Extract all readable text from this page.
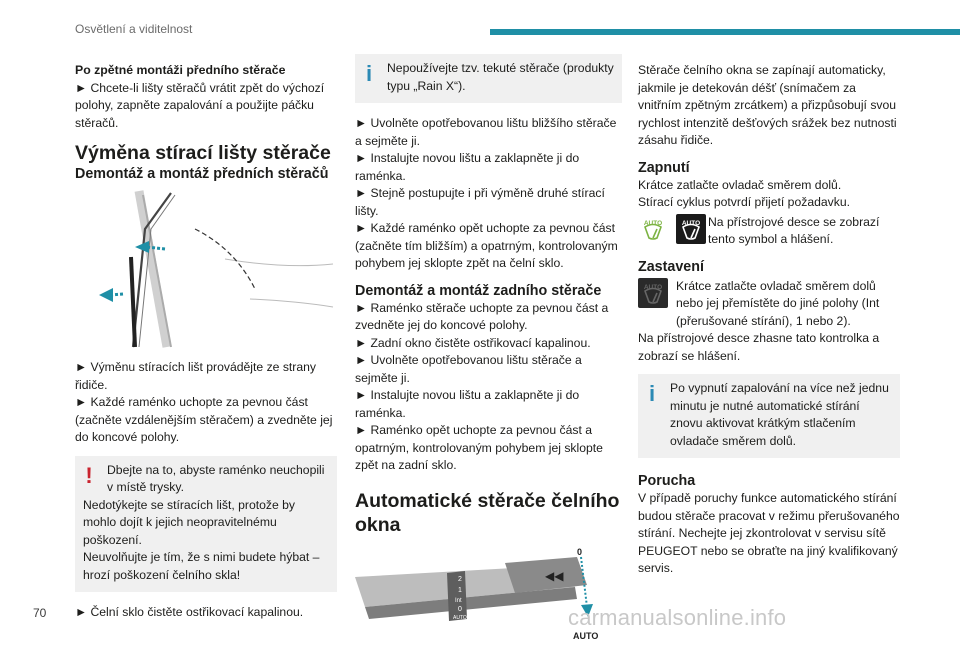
Osvětlení a viditelnost

Po zpětné montáži předního stěrače

► Chcete-li lišty stěračů vrátit zpět do výchozí polohy, zapněte zapalování a použijte páčku stěračů.

Výměna stírací lišty stěrače

Demontáž a montáž předních stěračů

► Výměnu stíracích lišt provádějte ze strany řidiče.

► Každé raménko uchopte za pevnou část (začněte vzdálenějším stěračem) a zvedněte jej do koncové polohy.

! Dbejte na to, abyste raménko neuchopili v místě trysky.

Nedotýkejte se stíracích lišt, protože by mohlo dojít k jejich neopravitelnému poškození.

Neuvolňujte je tím, že s nimi budete hýbat – hrozí poškození čelního skla!

► Čelní sklo čistěte ostřikovací kapalinou.

i Nepoužívejte tzv. tekuté stěrače (produkty typu „Rain X“).

► Uvolněte opotřebovanou lištu bližšího stěrače a sejměte ji.

► Instalujte novou lištu a zaklapněte ji do raménka.

► Stejně postupujte i při výměně druhé stírací lišty.

► Každé raménko opět uchopte za pevnou část (začněte tím bližším) a opatrným, kontrolovaným pohybem jej sklopte zpět na čelní sklo.

Demontáž a montáž zadního stěrače

► Raménko stěrače uchopte za pevnou část a zvedněte jej do koncové polohy.

► Zadní okno čistěte ostřikovací kapalinou.

► Uvolněte opotřebovanou lištu stěrače a sejměte ji.

► Instalujte novou lištu a zaklapněte ji do raménka.

► Raménko opět uchopte za pevnou část a opatrným, kontrolovaným pohybem jej sklopte zpět na zadní sklo.

Automatické stěrače čelního okna

2
1
Int
0
AUTO
◀◀
0
AUTO

Stěrače čelního okna se zapínají automaticky, jakmile je detekován déšť (snímačem za vnitřním zpětným zrcátkem) a přizpůsobují svou rychlost intenzitě dešťových srážek bez nutnosti zásahu řidiče.

Zapnutí

Krátce zatlačte ovladač směrem dolů.

Stírací cyklus potvrdí přijetí požadavku.

AUTO	AUTO Na přístrojové desce se zobrazí tento symbol a hlášení.

Zastavení

AUTO	Krátce zatlačte ovladač směrem dolů nebo jej přemístěte do jiné polohy (Int (přerušované stírání), 1 nebo 2).

Na přístrojové desce zhasne tato kontrolka a zobrazí se hlášení.

i Po vypnutí zapalování na více než jednu minutu je nutné automatické stírání znovu aktivovat krátkým stlačením ovladače směrem dolů.

Porucha

V případě poruchy funkce automatického stírání budou stěrače pracovat v režimu přerušovaného stírání. Nechejte jej zkontrolovat v servisu sítě PEUGEOT nebo se obraťte na jiný kvalifikovaný servis.

70	carmanualsonline.info
